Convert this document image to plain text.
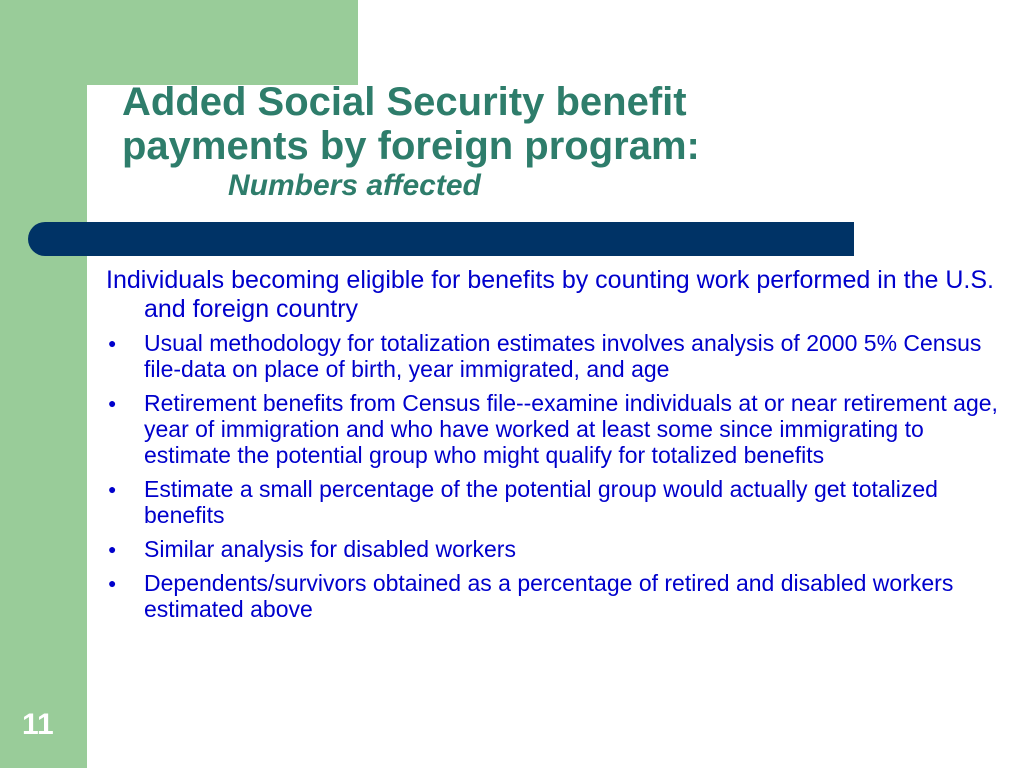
Added Social Security benefit
payments by foreign program:
Numbers affected

Individuals becoming eligible for benefits by counting work performed in the U.S. and foreign country

● Usual methodology for totalization estimates involves analysis of 2000 5% Census file-data on place of birth, year immigrated, and age
● Retirement benefits from Census file--examine individuals at or near retirement age, year of immigration and who have worked at least some since immigrating to estimate the potential group who might qualify for totalized benefits
● Estimate a small percentage of the potential group would actually get totalized benefits
● Similar analysis for disabled workers
● Dependents/survivors obtained as a percentage of retired and disabled workers estimated above
11
